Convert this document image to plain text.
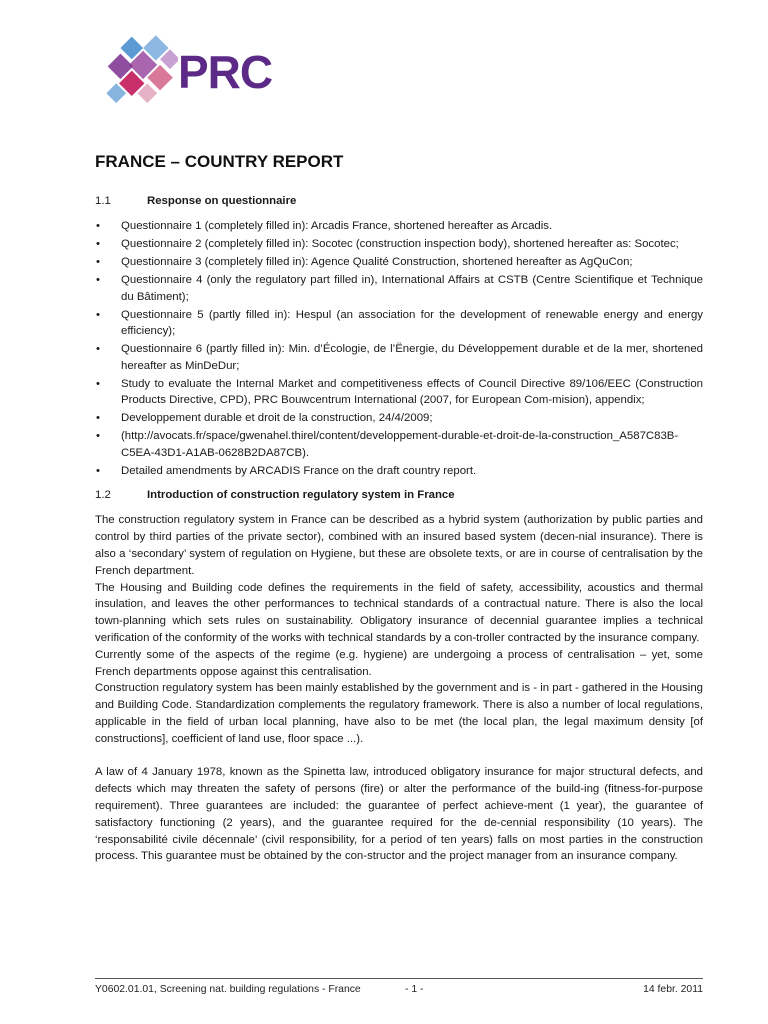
PRC
FRANCE – COUNTRY REPORT
1.1	Response on questionnaire
• Questionnaire 1 (completely filled in): Arcadis France, shortened hereafter as Arcadis.
• Questionnaire 2 (completely filled in): Socotec (construction inspection body), shortened hereafter as: Socotec;
• Questionnaire 3 (completely filled in): Agence Qualité Construction, shortened hereafter as AgQuCon;
• Questionnaire 4 (only the regulatory part filled in), International Affairs at CSTB (Centre Scientifique et Technique du Bâtiment);
• Questionnaire 5 (partly filled in): Hespul (an association for the development of renewable energy and energy efficiency);
• Questionnaire 6 (partly filled in): Min. d’Écologie, de l’Ënergie, du Développement durable et de la mer, shortened hereafter as MinDeDur;
• Study to evaluate the Internal Market and competitiveness effects of Council Directive 89/106/EEC (Construction Products Directive, CPD), PRC Bouwcentrum International (2007, for European Com-mision), appendix;
• Developpement durable et droit de la construction, 24/4/2009;
• (http://avocats.fr/space/gwenahel.thirel/content/developpement-durable-et-droit-de-la-construction_A587C83B-C5EA-43D1-A1AB-0628B2DA87CB).
• Detailed amendments by ARCADIS France on the draft country report.
1.2	Introduction of construction regulatory system in France

The construction regulatory system in France can be described as a hybrid system (authorization by public parties and control by third parties of the private sector), combined with an insured based system (decen-nial insurance). There is also a ‘secondary’ system of regulation on Hygiene, but these are obsolete texts, or are in course of centralisation by the French department.

The Housing and Building code defines the requirements in the field of safety, accessibility, acoustics and thermal insulation, and leaves the other performances to technical standards of a contractual nature. There is also the local town-planning which sets rules on sustainability. Obligatory insurance of decennial guarantee implies a technical verification of the conformity of the works with technical standards by a con-troller contracted by the insurance company.

Currently some of the aspects of the regime (e.g. hygiene) are undergoing a process of centralisation – yet, some French departments oppose against this centralisation.

Construction regulatory system has been mainly established by the government and is - in part - gathered in the Housing and Building Code. Standardization complements the regulatory framework. There is also a number of local regulations, applicable in the field of urban local planning, have also to be met (the local plan, the legal maximum density [of constructions], coefficient of land use, floor space ...).

A law of 4 January 1978, known as the Spinetta law, introduced obligatory insurance for major structural defects, and defects which may threaten the safety of persons (fire) or alter the performance of the build-ing (fitness-for-purpose requirement). Three guarantees are included: the guarantee of perfect achieve-ment (1 year), the guarantee of satisfactory functioning (2 years), and the guarantee required for the de-cennial responsibility (10 years). The ‘responsabilité civile décennale’ (civil responsibility, for a period of ten years) falls on most parties in the construction process. This guarantee must be obtained by the con-structor and the project manager from an insurance company.

Y0602.01.01, Screening nat. building regulations - France	- 1 -	14 febr. 2011
